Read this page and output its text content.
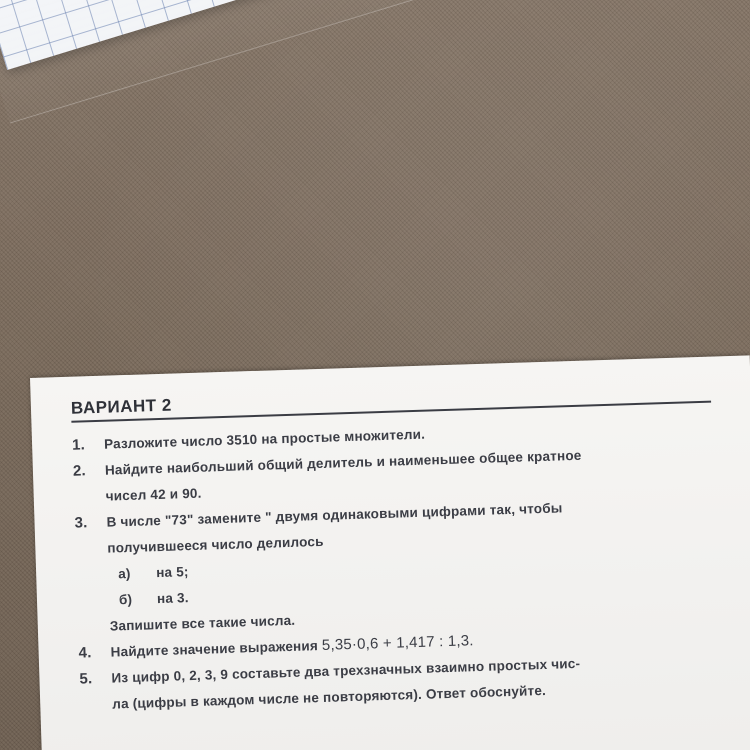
ВАРИАНТ 2
1. Разложите число 3510 на простые множители.
2. Найдите наибольший общий делитель и наименьшее общее кратное
чисел 42 и 90.
3. В числе "73" замените " двумя одинаковыми цифрами так, чтобы
получившееся число делилось
а) на 5;
б) на 3.
Запишите все такие числа.
4. Найдите значение выражения 5,35·0,6 + 1,417 : 1,3.
5. Из цифр 0, 2, 3, 9 составьте два трехзначных взаимно простых чис-
ла (цифры в каждом числе не повторяются). Ответ обоснуйте.
